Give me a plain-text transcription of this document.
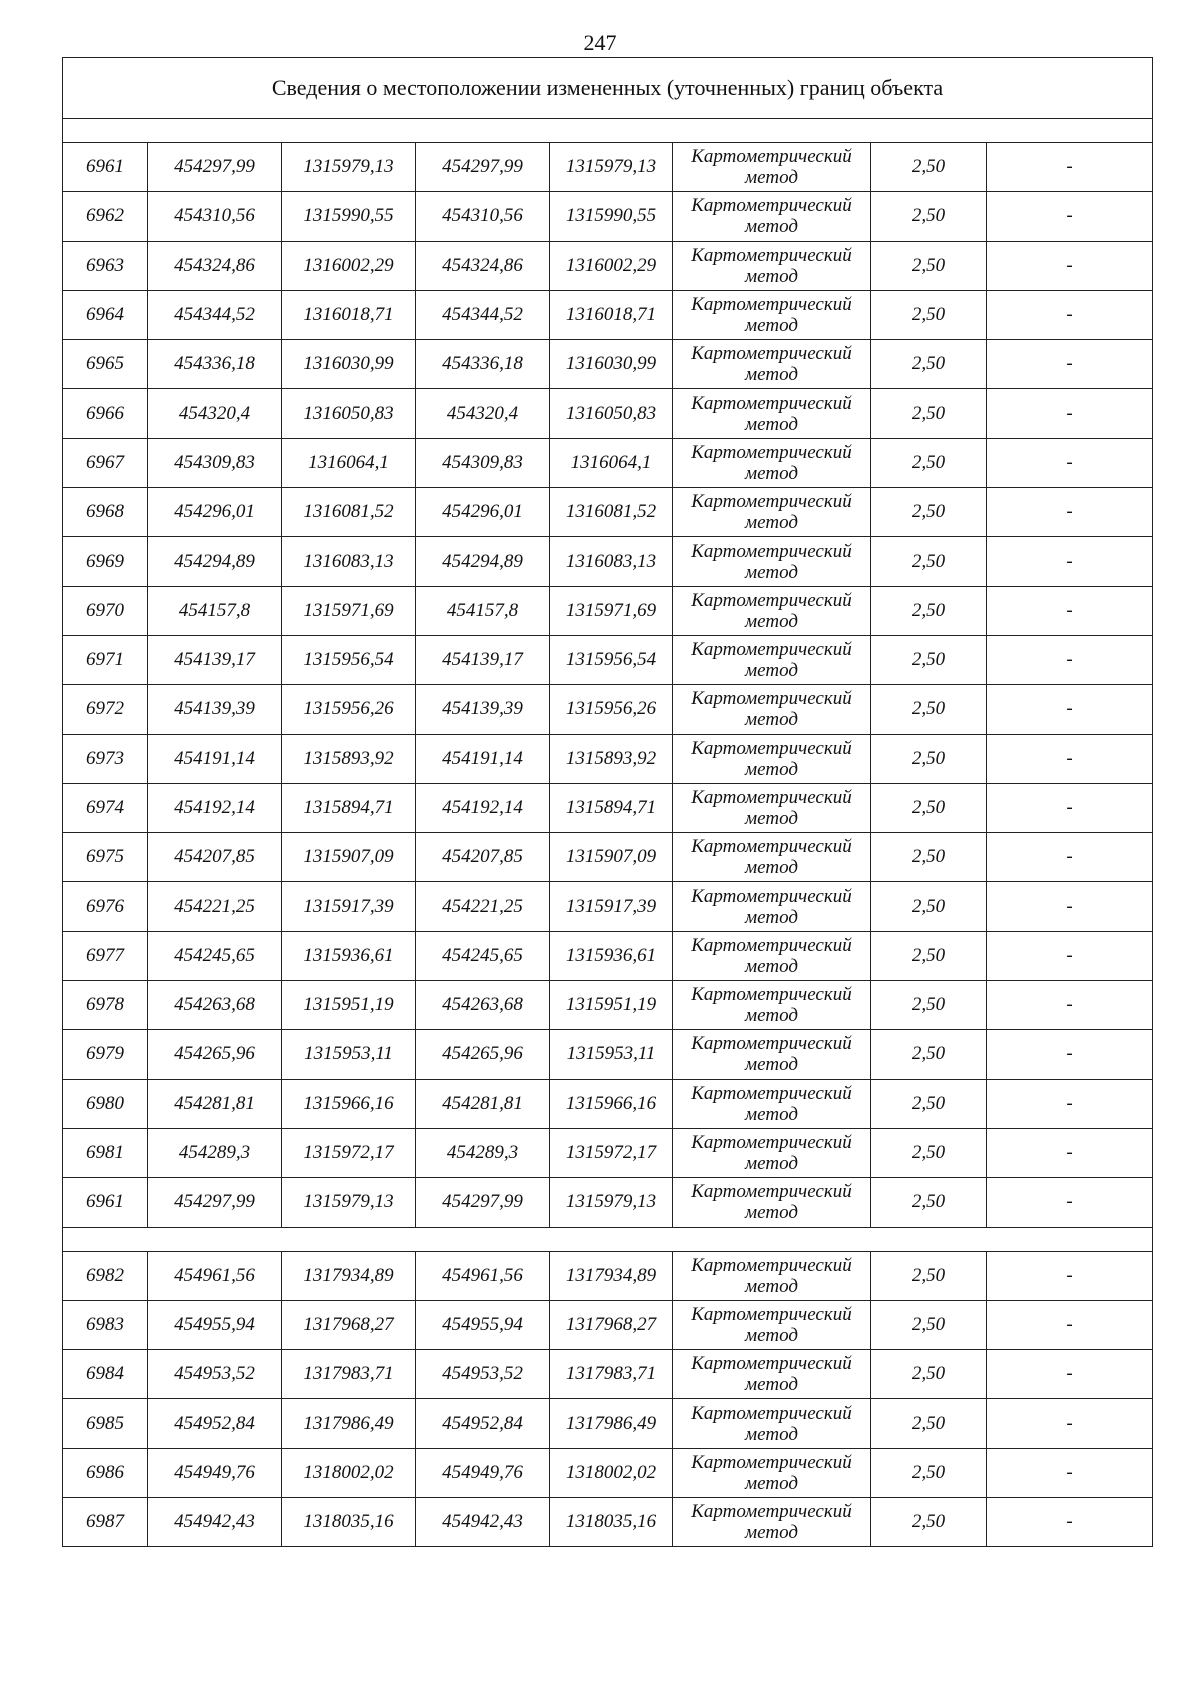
247
Сведения о местоположении измененных (уточненных) границ объекта							

6961	454297,99	1315979,13	454297,99	1315979,13	Картометрический
метод	2,50	-
6962	454310,56	1315990,55	454310,56	1315990,55	Картометрический
метод	2,50	-
6963	454324,86	1316002,29	454324,86	1316002,29	Картометрический
метод	2,50	-
6964	454344,52	1316018,71	454344,52	1316018,71	Картометрический
метод	2,50	-
6965	454336,18	1316030,99	454336,18	1316030,99	Картометрический
метод	2,50	-
6966	454320,4	1316050,83	454320,4	1316050,83	Картометрический
метод	2,50	-
6967	454309,83	1316064,1	454309,83	1316064,1	Картометрический
метод	2,50	-
6968	454296,01	1316081,52	454296,01	1316081,52	Картометрический
метод	2,50	-
6969	454294,89	1316083,13	454294,89	1316083,13	Картометрический
метод	2,50	-
6970	454157,8	1315971,69	454157,8	1315971,69	Картометрический
метод	2,50	-
6971	454139,17	1315956,54	454139,17	1315956,54	Картометрический
метод	2,50	-
6972	454139,39	1315956,26	454139,39	1315956,26	Картометрический
метод	2,50	-
6973	454191,14	1315893,92	454191,14	1315893,92	Картометрический
метод	2,50	-
6974	454192,14	1315894,71	454192,14	1315894,71	Картометрический
метод	2,50	-
6975	454207,85	1315907,09	454207,85	1315907,09	Картометрический
метод	2,50	-
6976	454221,25	1315917,39	454221,25	1315917,39	Картометрический
метод	2,50	-
6977	454245,65	1315936,61	454245,65	1315936,61	Картометрический
метод	2,50	-
6978	454263,68	1315951,19	454263,68	1315951,19	Картометрический
метод	2,50	-
6979	454265,96	1315953,11	454265,96	1315953,11	Картометрический
метод	2,50	-
6980	454281,81	1315966,16	454281,81	1315966,16	Картометрический
метод	2,50	-
6981	454289,3	1315972,17	454289,3	1315972,17	Картометрический
метод	2,50	-
6961	454297,99	1315979,13	454297,99	1315979,13	Картометрический
метод	2,50	-

6982	454961,56	1317934,89	454961,56	1317934,89	Картометрический
метод	2,50	-
6983	454955,94	1317968,27	454955,94	1317968,27	Картометрический
метод	2,50	-
6984	454953,52	1317983,71	454953,52	1317983,71	Картометрический
метод	2,50	-
6985	454952,84	1317986,49	454952,84	1317986,49	Картометрический
метод	2,50	-
6986	454949,76	1318002,02	454949,76	1318002,02	Картометрический
метод	2,50	-
6987	454942,43	1318035,16	454942,43	1318035,16	Картометрический
метод	2,50	-
